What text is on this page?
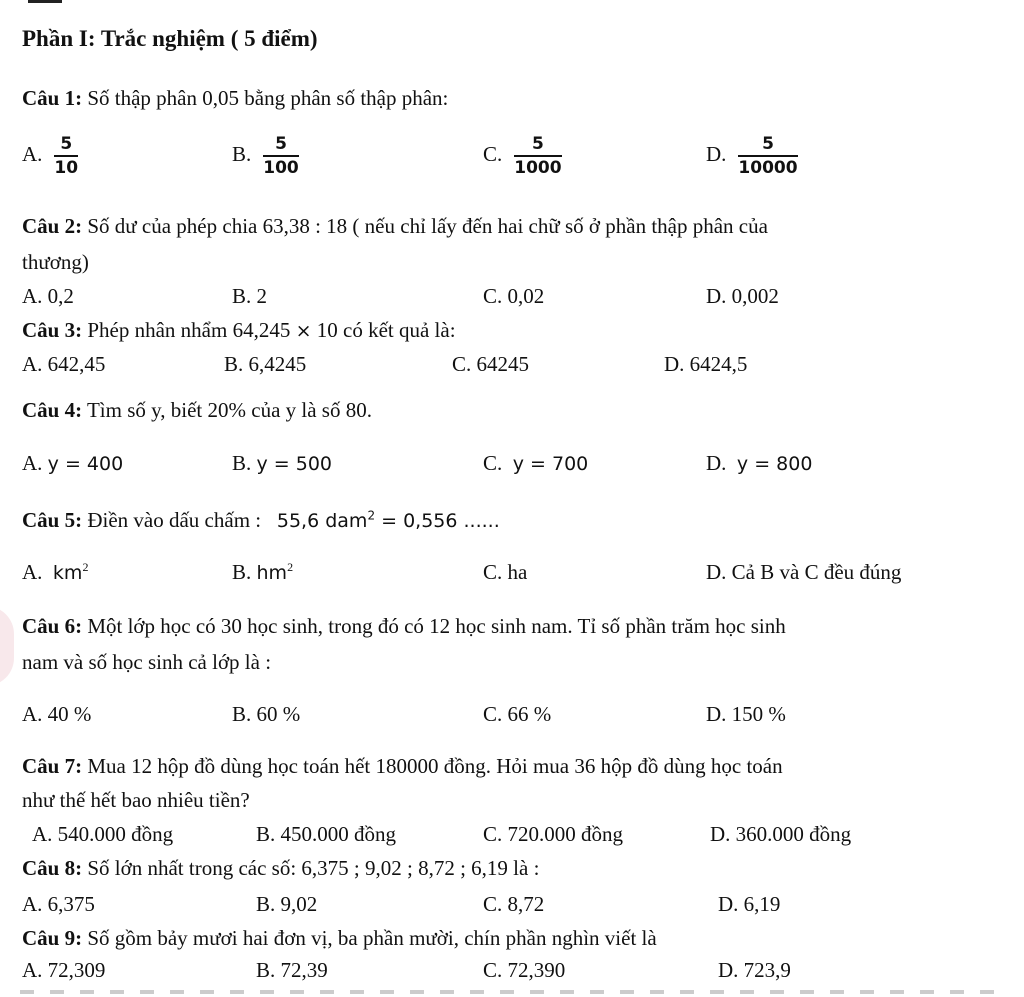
Phần I: Trắc nghiệm ( 5 điểm)
Câu 1: Số thập phân 0,05 bằng phân số thập phân:
A. $\frac{5}{10}$	B. $\frac{5}{100}$	C. $\frac{5}{1000}$	D. $\frac{5}{10000}$
Câu 2: Số dư của phép chia 63,38 : 18 ( nếu chỉ lấy đến hai chữ số ở phần thập phân của
thương)
A. 0,2	B. 2	C. 0,02	D. 0,002
Câu 3: Phép nhân nhẩm 64,245 × 10 có kết quả là:
A. 642,45	B. 6,4245	C. 64245	D. 6424,5
Câu 4: Tìm số y, biết 20% của y là số 80.
A. y = 400	B. y = 500	C. y = 700	D. y = 800
Câu 5: Điền vào dấu chấm : 55,6 dam$^2$ = 0,556 ......
A. $km^2$	B. $hm^2$	C. ha	D. Cả B và C đều đúng
Câu 6: Một lớp học có 30 học sinh, trong đó có 12 học sinh nam. Tỉ số phần trăm học sinh
nam và số học sinh cả lớp là :
A. 40 %	B. 60 %	C. 66 %	D. 150 %
Câu 7: Mua 12 hộp đồ dùng học toán hết 180000 đồng. Hỏi mua 36 hộp đồ dùng học toán
như thế hết bao nhiêu tiền?
A. 540.000 đồng	B. 450.000 đồng	C. 720.000 đồng	D. 360.000 đồng
Câu 8: Số lớn nhất trong các số: 6,375 ; 9,02 ; 8,72 ; 6,19 là :
A. 6,375	B. 9,02	C. 8,72	D. 6,19
Câu 9: Số gồm bảy mươi hai đơn vị, ba phần mười, chín phần nghìn viết là
A. 72,309	B. 72,39	C. 72,390	D. 723,9
